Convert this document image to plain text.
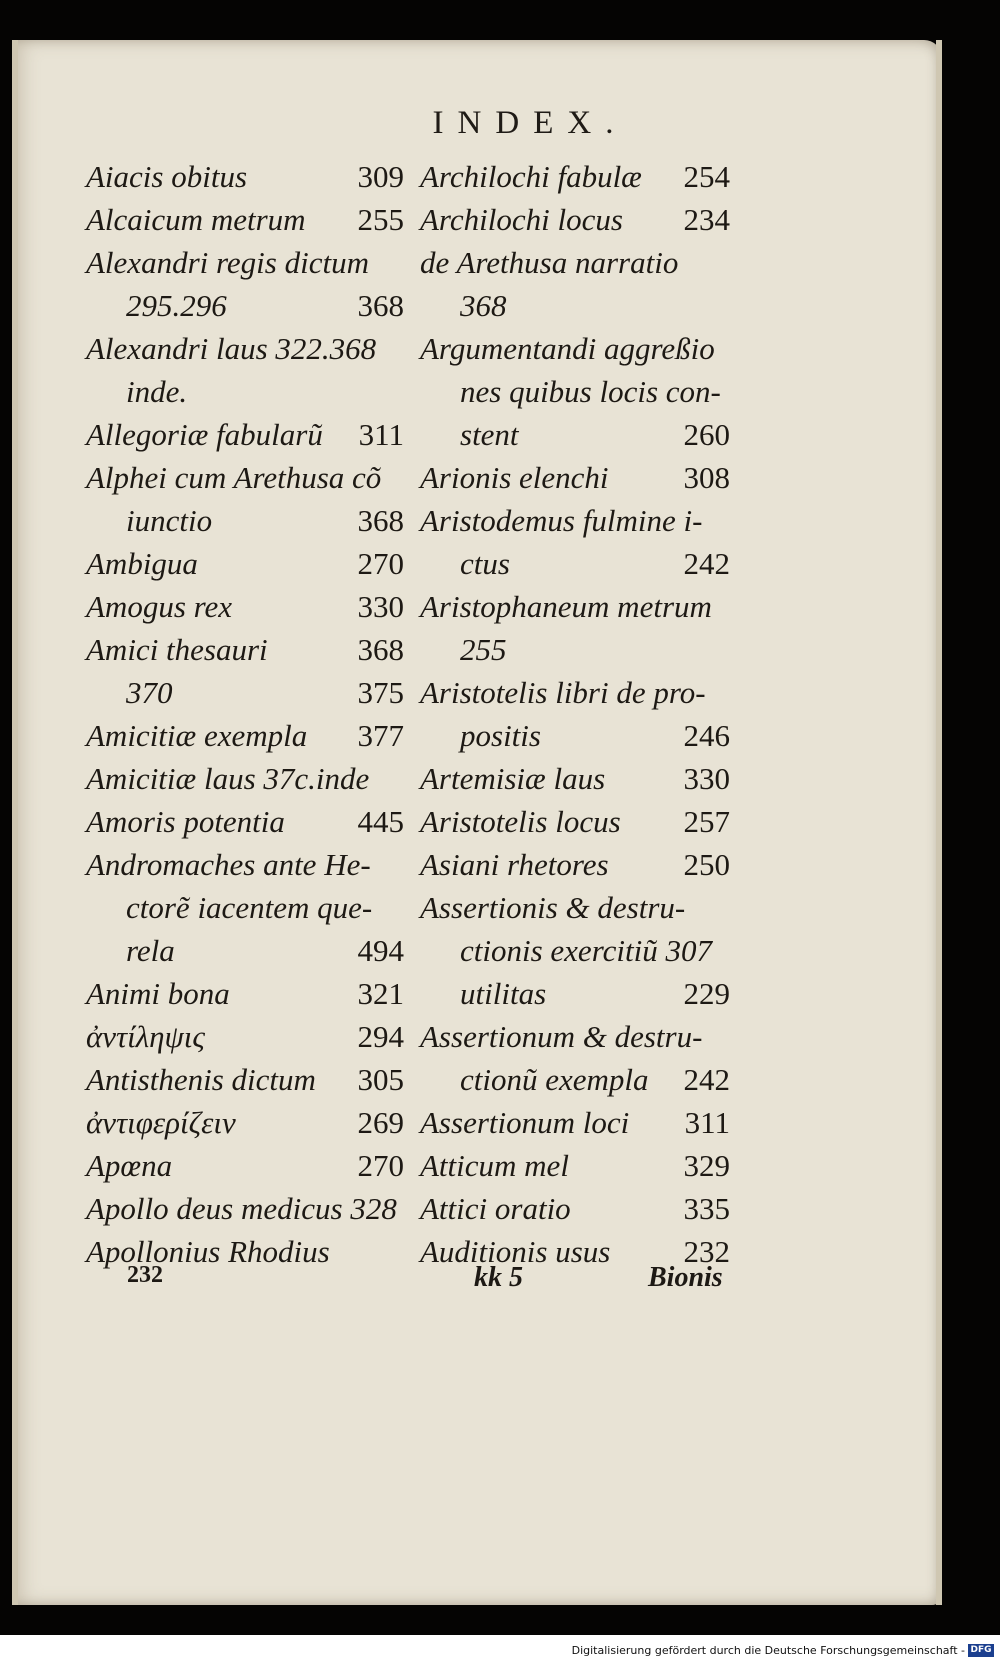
INDEX.
Aiacis obitus	309
Alcaicum metrum 255
Alexandri regis dictum
295.296	368
Alexandri laus 322.368
inde.
Allegoriæ fabularũ 311
Alphei cum Arethusa cõ
iunctio	368
Ambigua	270
Amogus rex	330
Amici thesauri	368
370	375
Amicitiæ exempla 377
Amicitiæ laus 37c.inde
Amoris potentia 445
Andromaches ante He-
ctorẽ iacentem que-
rela	494
Animi bona	321
ἀντίληψις	294
Antisthenis dictum 305
ἀντιφερίζειν	269
Apœna	270
Apollo deus medicus 328
Apollonius Rhodius
Archilochi fabulæ 254
Archilochi locus 234
de Arethusa narratio
368
Argumentandi aggreßio
nes quibus locis con-
stent	260
Arionis elenchi 308
Aristodemus fulmine i-
ctus	242
Aristophaneum metrum
255
Aristotelis libri de pro-
positis	246
Artemisiæ laus	330
Aristotelis locus 257
Asiani rhetores 250
Assertionis & destru-
ctionis exercitiũ 307
utilitas	229
Assertionum & destru-
ctionũ exempla 242
Assertionum loci 311
Atticum mel	329
Attici oratio	335
Auditionis usus 232
232	kk 5	Bionis
Digitalisierung gefördert durch die Deutsche Forschungsgemeinschaft - DFG
